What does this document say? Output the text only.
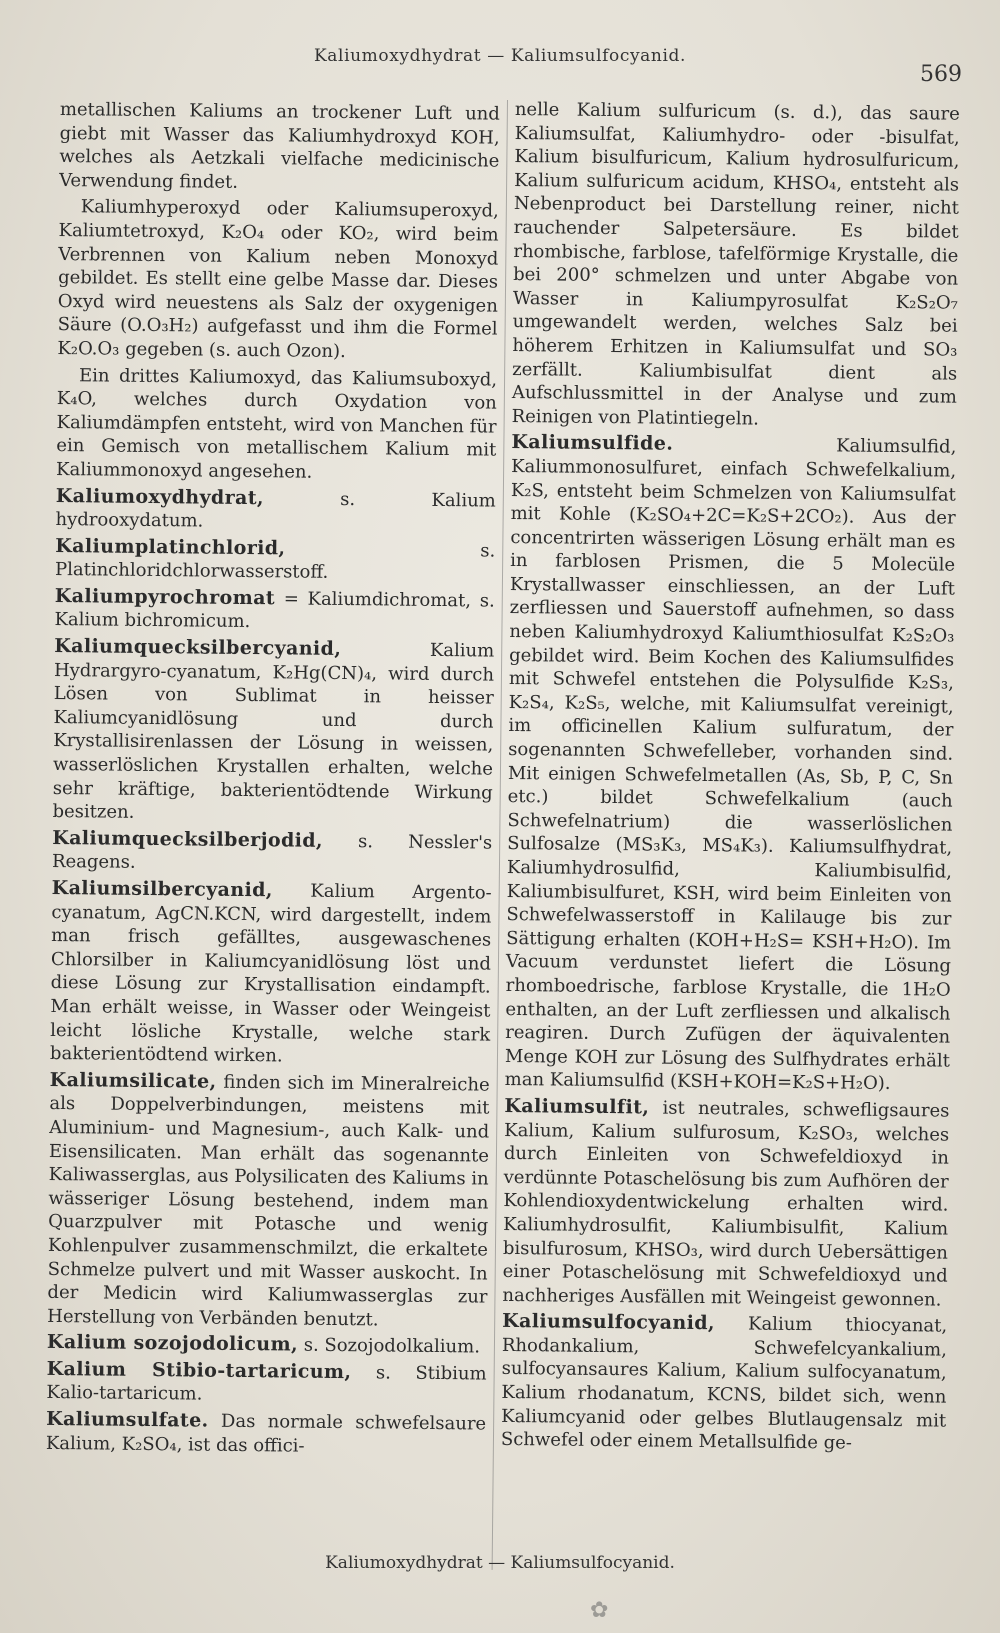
Kaliumoxydhydrat — Kaliumsulfocyanid.
569

metallischen Kaliums an trockener Luft und giebt mit Wasser das Kaliumhydroxyd KOH, welches als Aetzkali vielfache medicinische Verwendung findet.

Kaliumhyperoxyd oder Kaliumsuperoxyd, Kaliumtetroxyd, K₂O₄ oder KO₂, wird beim Verbrennen von Kalium neben Monoxyd gebildet. Es stellt eine gelbe Masse dar. Dieses Oxyd wird neuestens als Salz der oxygenigen Säure (O.O₃H₂) aufgefasst und ihm die Formel K₂O.O₃ gegeben (s. auch Ozon).

Ein drittes Kaliumoxyd, das Kaliumsuboxyd, K₄O, welches durch Oxydation von Kaliumdämpfen entsteht, wird von Manchen für ein Gemisch von metallischem Kalium mit Kaliummonoxyd angesehen.

Kaliumoxydhydrat,	s. Kalium hydrooxydatum.

Kaliumplatinchlorid,	s. Platinchloridchlorwasserstoff.

Kaliumpyrochromat = Kaliumdichromat, s. Kalium bichromicum.

Kaliumquecksilbercyanid,	Kalium Hydrargyro-cyanatum, K₂Hg(CN)₄, wird durch Lösen von Sublimat in heisser Kaliumcyanidlösung und durch Krystallisirenlassen der Lösung in weissen, wasserlöslichen Krystallen erhalten, welche sehr kräftige, bakterientödtende Wirkung besitzen.

Kaliumquecksilberjodid, s. Nessler's Reagens.

Kaliumsilbercyanid, Kalium Argento-cyanatum, AgCN.KCN, wird dargestellt, indem man frisch gefälltes, ausgewaschenes Chlorsilber in Kaliumcyanidlösung löst und diese Lösung zur Krystallisation eindampft. Man erhält weisse, in Wasser oder Weingeist leicht lösliche Krystalle, welche stark bakterientödtend wirken.

Kaliumsilicate, finden sich im Mineralreiche als Doppelverbindungen, meistens mit Aluminium- und Magnesium-, auch Kalk- und Eisensilicaten. Man erhält das sogenannte Kaliwasserglas, aus Polysilicaten des Kaliums in wässeriger Lösung bestehend, indem man Quarzpulver mit Potasche und wenig Kohlenpulver zusammenschmilzt, die erkaltete Schmelze pulvert und mit Wasser auskocht. In der Medicin wird Kaliumwasserglas zur Herstellung von Verbänden benutzt.

Kalium sozojodolicum, s. Sozojodolkalium.

Kalium Stibio-tartaricum, s. Stibium Kalio-tartaricum.

Kaliumsulfate. Das normale schwefelsaure Kalium, K₂SO₄, ist das offici-

nelle Kalium sulfuricum (s. d.), das saure Kaliumsulfat, Kaliumhydro- oder -bisulfat, Kalium bisulfuricum, Kalium hydrosulfuricum, Kalium sulfuricum acidum, KHSO₄, entsteht als Nebenproduct bei Darstellung reiner, nicht rauchender Salpetersäure. Es bildet rhombische, farblose, tafelförmige Krystalle, die bei 200° schmelzen und unter Abgabe von Wasser in Kaliumpyrosulfat K₂S₂O₇ umgewandelt werden, welches Salz bei höherem Erhitzen in Kaliumsulfat und SO₃ zerfällt. Kaliumbisulfat dient als Aufschlussmittel in der Analyse und zum Reinigen von Platintiegeln.

Kaliumsulfide.	Kaliumsulfid, Kaliummonosulfuret, einfach Schwefelkalium, K₂S, entsteht beim Schmelzen von Kaliumsulfat mit Kohle (K₂SO₄+2C=K₂S+2CO₂). Aus der concentrirten wässerigen Lösung erhält man es in farblosen Prismen, die 5 Molecüle Krystallwasser einschliessen, an der Luft zerfliessen und Sauerstoff aufnehmen, so dass neben Kaliumhydroxyd Kaliumthiosulfat K₂S₂O₃ gebildet wird. Beim Kochen des Kaliumsulfides mit Schwefel entstehen die Polysulfide K₂S₃, K₂S₄, K₂S₅, welche, mit Kaliumsulfat vereinigt, im officinellen Kalium sulfuratum, der sogenannten Schwefelleber, vorhanden sind. Mit einigen Schwefelmetallen (As, Sb, P, C, Sn etc.) bildet Schwefelkalium (auch Schwefelnatrium) die wasserlöslichen Sulfosalze (MS₃K₃, MS₄K₃). Kaliumsulfhydrat, Kaliumhydrosulfid, Kaliumbisulfid, Kaliumbisulfuret, KSH, wird beim Einleiten von Schwefelwasserstoff in Kalilauge bis zur Sättigung erhalten (KOH+H₂S= KSH+H₂O). Im Vacuum verdunstet liefert die Lösung rhomboedrische, farblose Krystalle, die 1H₂O enthalten, an der Luft zerfliessen und alkalisch reagiren. Durch Zufügen der äquivalenten Menge KOH zur Lösung des Sulfhydrates erhält man Kaliumsulfid (KSH+KOH=K₂S+H₂O).

Kaliumsulfit, ist neutrales, schwefligsaures Kalium, Kalium sulfurosum, K₂SO₃, welches durch Einleiten von Schwefeldioxyd in verdünnte Potaschelösung bis zum Aufhören der Kohlendioxydentwickelung erhalten wird. Kaliumhydrosulfit, Kaliumbisulfit, Kalium bisulfurosum, KHSO₃, wird durch Uebersättigen einer Potaschelösung mit Schwefeldioxyd und nachheriges Ausfällen mit Weingeist gewonnen.

Kaliumsulfocyanid, Kalium thiocyanat, Rhodankalium, Schwefelcyankalium, sulfocyansaures Kalium, Kalium sulfocyanatum, Kalium rhodanatum, KCNS, bildet sich, wenn Kaliumcyanid oder gelbes Blutlaugensalz mit Schwefel oder einem Metallsulfide ge-

Kaliumoxydhydrat — Kaliumsulfocyanid.
✿
